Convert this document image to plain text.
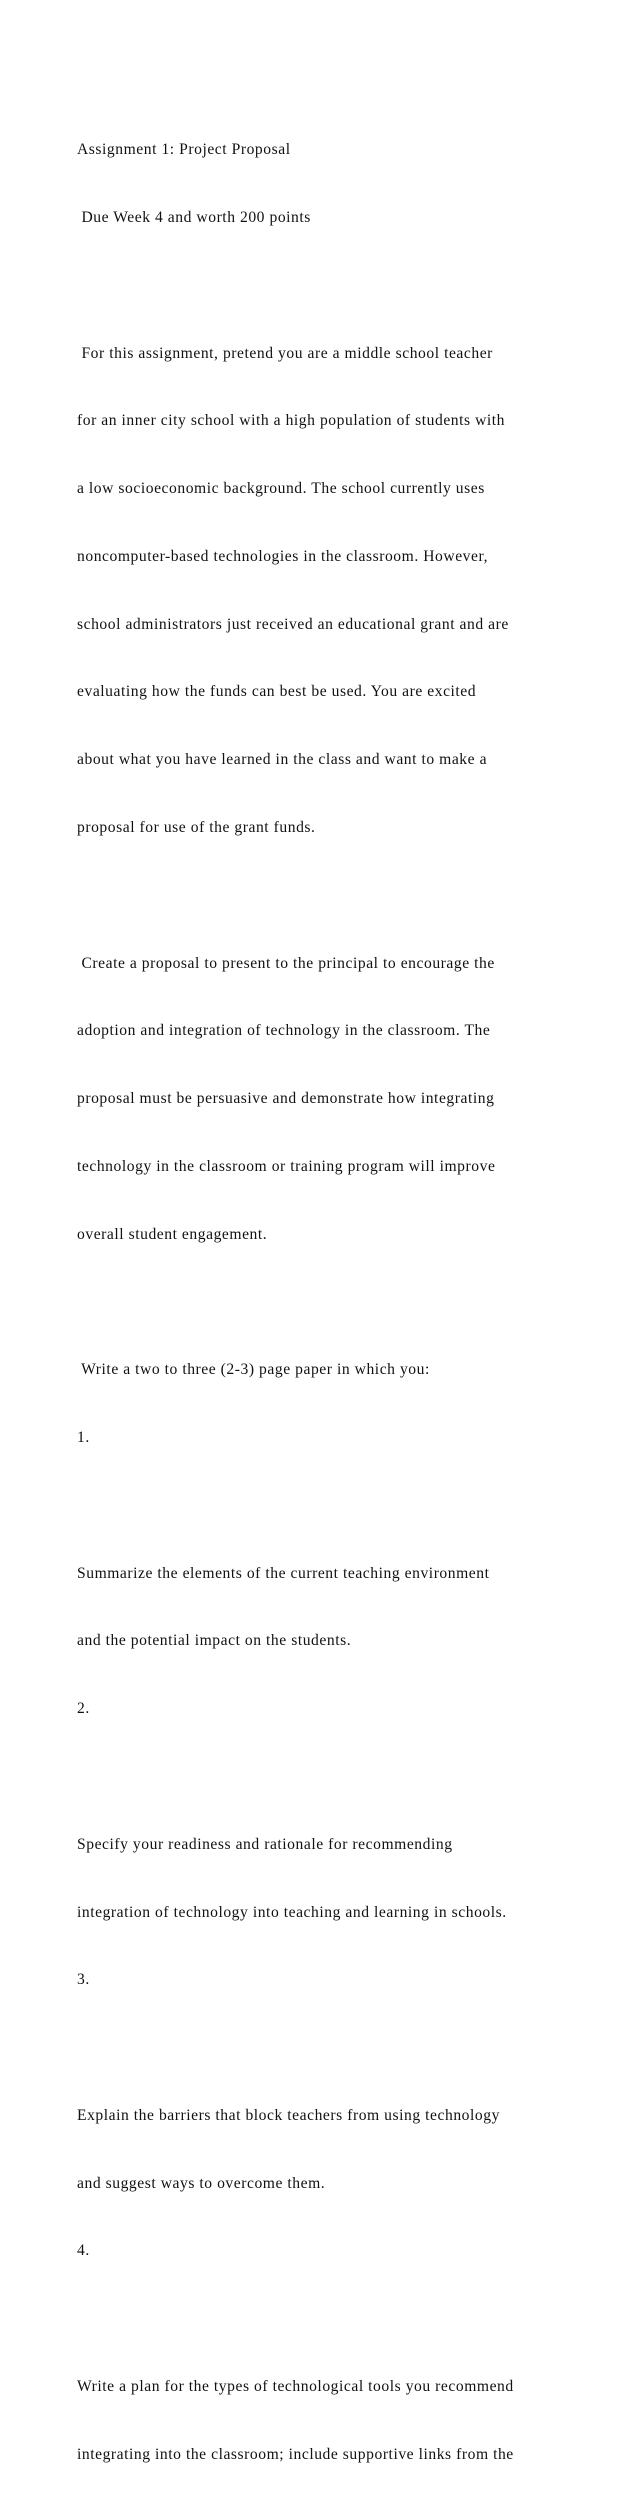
Assignment 1: Project Proposal

Due Week 4 and worth 200 points

For this assignment, pretend you are a middle school teacher

for an inner city school with a high population of students with

a low socioeconomic background. The school currently uses

noncomputer-based technologies in the classroom. However,

school administrators just received an educational grant and are

evaluating how the funds can best be used. You are excited

about what you have learned in the class and want to make a

proposal for use of the grant funds.

Create a proposal to present to the principal to encourage the

adoption and integration of technology in the classroom. The

proposal must be persuasive and demonstrate how integrating

technology in the classroom or training program will improve

overall student engagement.

Write a two to three (2-3) page paper in which you:

1.

Summarize the elements of the current teaching environment

and the potential impact on the students.

2.

Specify your readiness and rationale for recommending

integration of technology into teaching and learning in schools.

3.

Explain the barriers that block teachers from using technology

and suggest ways to overcome them.

4.

Write a plan for the types of technological tools you recommend

integrating into the classroom; include supportive links from the
